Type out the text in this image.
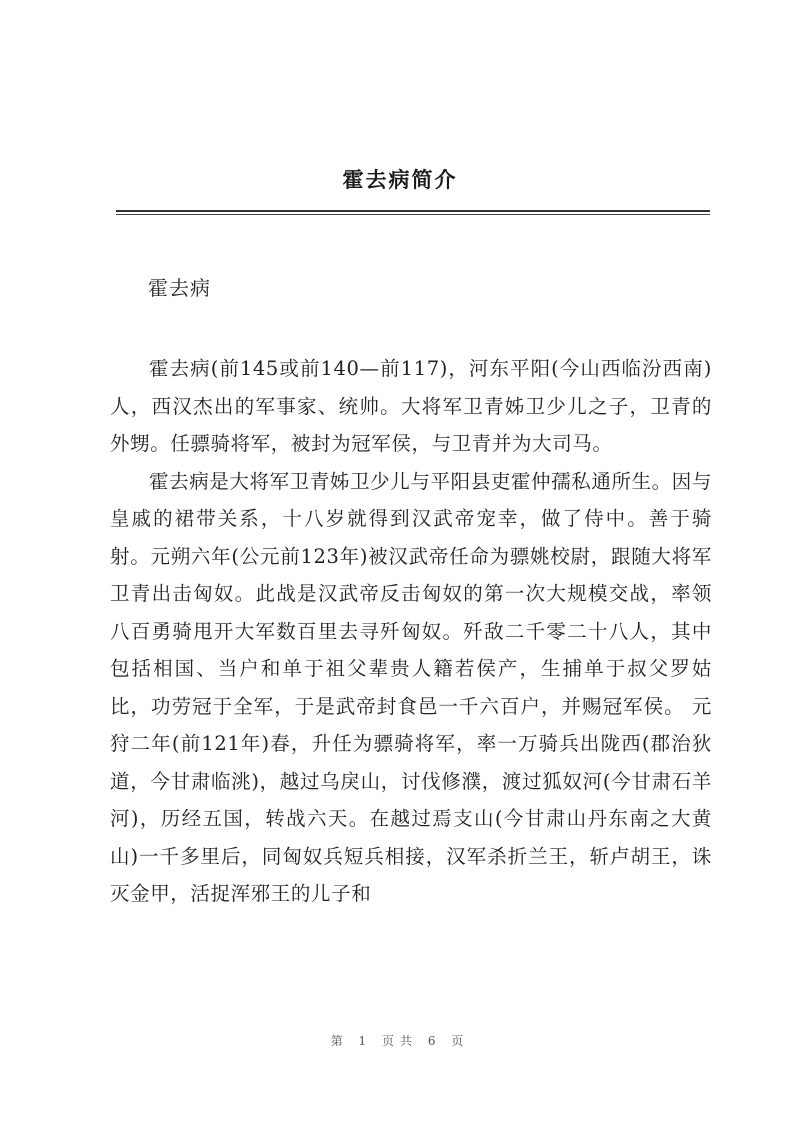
霍去病简介
霍去病

霍去病(前145或前140—前117)，河东平阳(今山西临汾西南)人，西汉杰出的军事家、统帅。大将军卫青姊卫少儿之子，卫青的外甥。任骠骑将军，被封为冠军侯，与卫青并为大司马。

霍去病是大将军卫青姊卫少儿与平阳县吏霍仲孺私通所生。因与皇戚的裙带关系，十八岁就得到汉武帝宠幸，做了侍中。善于骑射。元朔六年(公元前123年)被汉武帝任命为骠姚校尉，跟随大将军卫青出击匈奴。此战是汉武帝反击匈奴的第一次大规模交战，率领八百勇骑甩开大军数百里去寻歼匈奴。歼敌二千零二十八人，其中包括相国、当户和单于祖父辈贵人籍若侯产，生捕单于叔父罗姑比，功劳冠于全军，于是武帝封食邑一千六百户，并赐冠军侯。 元狩二年(前121年)春，升任为骠骑将军，率一万骑兵出陇西(郡治狄道，今甘肃临洮)，越过乌戾山，讨伐修濮，渡过狐奴河(今甘肃石羊河)，历经五国，转战六天。在越过焉支山(今甘肃山丹东南之大黄山)一千多里后，同匈奴兵短兵相接，汉军杀折兰王，斩卢胡王，诛灭金甲，活捉浑邪王的儿子和

第 1 页共 6 页
